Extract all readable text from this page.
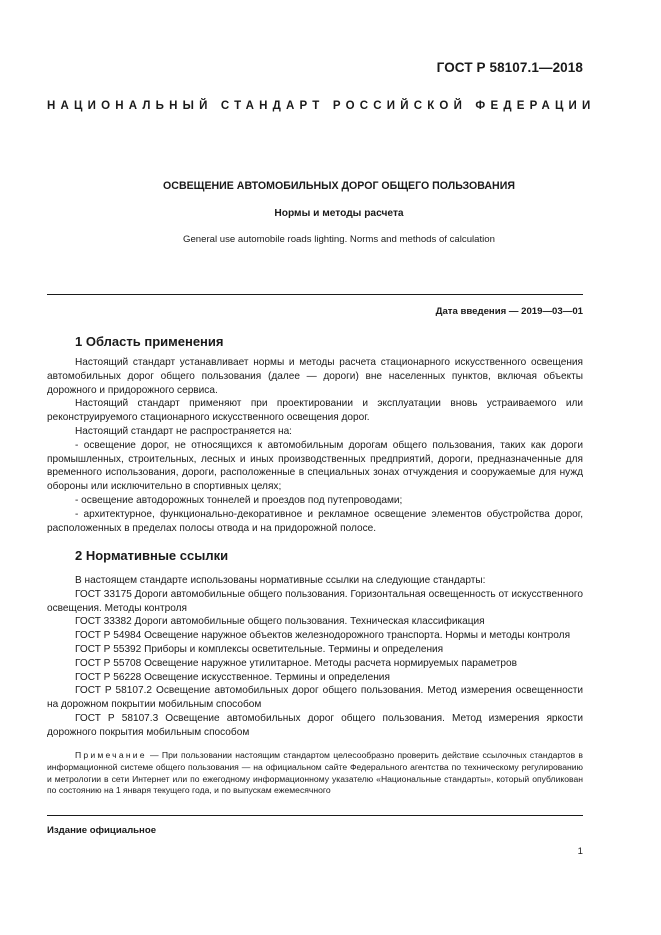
ГОСТ Р 58107.1—2018
НАЦИОНАЛЬНЫЙ СТАНДАРТ РОССИЙСКОЙ ФЕДЕРАЦИИ
ОСВЕЩЕНИЕ АВТОМОБИЛЬНЫХ ДОРОГ ОБЩЕГО ПОЛЬЗОВАНИЯ
Нормы и методы расчета
General use automobile roads lighting. Norms and methods of calculation
Дата введения — 2019—03—01
1 Область применения

Настоящий стандарт устанавливает нормы и методы расчета стационарного искусственного освещения автомобильных дорог общего пользования (далее — дороги) вне населенных пунктов, включая объекты дорожного и придорожного сервиса.

Настоящий стандарт применяют при проектировании и эксплуатации вновь устраиваемого или реконструируемого стационарного искусственного освещения дорог.

Настоящий стандарт не распространяется на:

- освещение дорог, не относящихся к автомобильным дорогам общего пользования, таких как дороги промышленных, строительных, лесных и иных производственных предприятий, дороги, предназначенные для временного использования, дороги, расположенные в специальных зонах отчуждения и сооружаемые для нужд обороны или исключительно в спортивных целях;

- освещение автодорожных тоннелей и проездов под путепроводами;

- архитектурное, функционально-декоративное и рекламное освещение элементов обустройства дорог, расположенных в пределах полосы отвода и на придорожной полосе.

2 Нормативные ссылки

В настоящем стандарте использованы нормативные ссылки на следующие стандарты:

ГОСТ 33175 Дороги автомобильные общего пользования. Горизонтальная освещенность от искусственного освещения. Методы контроля

ГОСТ 33382 Дороги автомобильные общего пользования. Техническая классификация

ГОСТ Р 54984 Освещение наружное объектов железнодорожного транспорта. Нормы и методы контроля

ГОСТ Р 55392 Приборы и комплексы осветительные. Термины и определения

ГОСТ Р 55708 Освещение наружное утилитарное. Методы расчета нормируемых параметров

ГОСТ Р 56228 Освещение искусственное. Термины и определения

ГОСТ Р 58107.2 Освещение автомобильных дорог общего пользования. Метод измерения освещенности на дорожном покрытии мобильным способом

ГОСТ Р 58107.3 Освещение автомобильных дорог общего пользования. Метод измерения яркости дорожного покрытия мобильным способом

Примечание — При пользовании настоящим стандартом целесообразно проверить действие ссылочных стандартов в информационной системе общего пользования — на официальном сайте Федерального агентства по техническому регулированию и метрологии в сети Интернет или по ежегодному информационному указателю «Национальные стандарты», который опубликован по состоянию на 1 января текущего года, и по выпускам ежемесячного

Издание официальное
1
